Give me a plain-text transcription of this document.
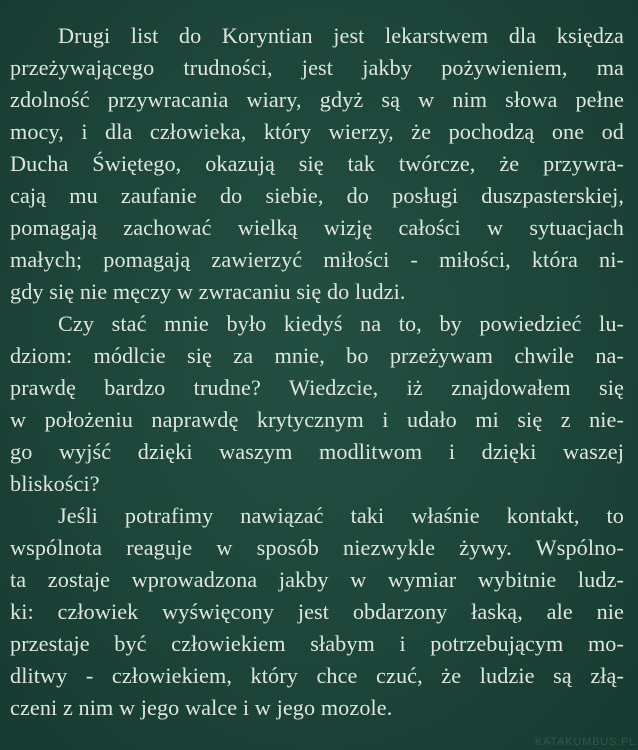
Drugi list do Koryntian jest lekarstwem dla księdza
przeżywającego trudności, jest jakby pożywieniem, ma
zdolność przywracania wiary, gdyż są w nim słowa pełne
mocy, i dla człowieka, który wierzy, że pochodzą one od
Ducha Świętego, okazują się tak twórcze, że przywra-
cają mu zaufanie do siebie, do posługi duszpasterskiej,
pomagają zachować wielką wizję całości w sytuacjach
małych; pomagają zawierzyć miłości - miłości, która ni-
gdy się nie męczy w zwracaniu się do ludzi.
Czy stać mnie było kiedyś na to, by powiedzieć lu-
dziom: módlcie się za mnie, bo przeżywam chwile na-
prawdę bardzo trudne? Wiedzcie, iż znajdowałem się
w położeniu naprawdę krytycznym i udało mi się z nie-
go wyjść dzięki waszym modlitwom i dzięki waszej
bliskości?
Jeśli potrafimy nawiązać taki właśnie kontakt, to
wspólnota reaguje w sposób niezwykle żywy. Wspólno-
ta zostaje wprowadzona jakby w wymiar wybitnie ludz-
ki: człowiek wyświęcony jest obdarzony łaską, ale nie
przestaje być człowiekiem słabym i potrzebującym mo-
dlitwy - człowiekiem, który chce czuć, że ludzie są złą-
czeni z nim w jego walce i w jego mozole.
KATAKUMBUS.PL
